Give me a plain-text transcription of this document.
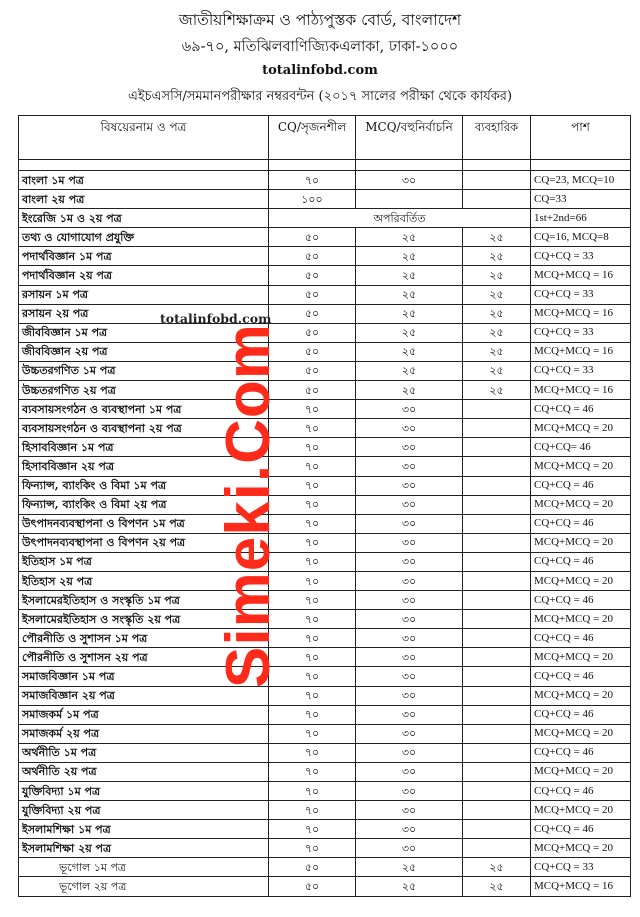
জাতীয়শিক্ষাক্রম ও পাঠ্যপুস্তক বোর্ড, বাংলাদেশ
৬৯-৭০, মতিঝিলবাণিজ্যিকএলাকা, ঢাকা-১০০০
totalinfobd.com
এইচএসসি/সমমানপরীক্ষার নম্বরবন্টন (২০১৭ সালের পরীক্ষা থেকে কার্যকর)
বিষয়েরনাম ও পত্র	CQ/সৃজনশীল	MCQ/বহুনির্বাচনি	ব্যবহারিক	পাশ

বাংলা ১ম পত্র	৭০	৩০		CQ=23, MCQ=10
বাংলা ২য় পত্র	১০০			CQ=33
ইংরেজি ১ম ও ২য় পত্র	অপরিবর্তিত			1st+2nd=66
তথ্য ও যোগাযোগ প্রযুক্তি	৫০	২৫	২৫	CQ=16, MCQ=8
পদার্থবিজ্ঞান ১ম পত্র	৫০	২৫	২৫	CQ+CQ = 33
পদার্থবিজ্ঞান ২য় পত্র	৫০	২৫	২৫	MCQ+MCQ = 16
রসায়ন ১ম পত্র	৫০	২৫	২৫	CQ+CQ = 33
রসায়ন ২য় পত্র	৫০	২৫	২৫	MCQ+MCQ = 16
জীববিজ্ঞান ১ম পত্র	৫০	২৫	২৫	CQ+CQ = 33
জীববিজ্ঞান ২য় পত্র	৫০	২৫	২৫	MCQ+MCQ = 16
উচ্চতরগণিত ১ম পত্র	৫০	২৫	২৫	CQ+CQ = 33
উচ্চতরগণিত ২য় পত্র	৫০	২৫	২৫	MCQ+MCQ = 16
ব্যবসায়সংগঠন ও ব্যবস্থাপনা ১ম পত্র	৭০	৩০		CQ+CQ = 46
ব্যবসায়সংগঠন ও ব্যবস্থাপনা ২য় পত্র	৭০	৩০		MCQ+MCQ = 20
হিসাববিজ্ঞান ১ম পত্র	৭০	৩০		CQ+CQ= 46
হিসাববিজ্ঞান ২য় পত্র	৭০	৩০		MCQ+MCQ = 20
ফিন্যান্স, ব্যাংকিং ও বিমা ১ম পত্র	৭০	৩০		CQ+CQ = 46
ফিন্যান্স, ব্যাংকিং ও বিমা ২য় পত্র	৭০	৩০		MCQ+MCQ = 20
উৎপাদনব্যবস্থাপনা ও বিপণন ১ম পত্র	৭০	৩০		CQ+CQ = 46
উৎপাদনব্যবস্থাপনা ও বিপণন ২য় পত্র	৭০	৩০		MCQ+MCQ = 20
ইতিহাস ১ম পত্র	৭০	৩০		CQ+CQ = 46
ইতিহাস ২য় পত্র	৭০	৩০		MCQ+MCQ = 20
ইসলামেরইতিহাস ও সংস্কৃতি ১ম পত্র	৭০	৩০		CQ+CQ = 46
ইসলামেরইতিহাস ও সংস্কৃতি ২য় পত্র	৭০	৩০		MCQ+MCQ = 20
পৌরনীতি ও সুশাসন ১ম পত্র	৭০	৩০		CQ+CQ = 46
পৌরনীতি ও সুশাসন ২য় পত্র	৭০	৩০		MCQ+MCQ = 20
সমাজবিজ্ঞান ১ম পত্র	৭০	৩০		CQ+CQ = 46
সমাজবিজ্ঞান ২য় পত্র	৭০	৩০		MCQ+MCQ = 20
সমাজকর্ম ১ম পত্র	৭০	৩০		CQ+CQ = 46
সমাজকর্ম ২য় পত্র	৭০	৩০		MCQ+MCQ = 20
অর্থনীতি ১ম পত্র	৭০	৩০		CQ+CQ = 46
অর্থনীতি ২য় পত্র	৭০	৩০		MCQ+MCQ = 20
যুক্তিবিদ্যা ১ম পত্র	৭০	৩০		CQ+CQ = 46
যুক্তিবিদ্যা ২য় পত্র	৭০	৩০		MCQ+MCQ = 20
ইসলামশিক্ষা ১ম পত্র	৭০	৩০		CQ+CQ = 46
ইসলামশিক্ষা ২য় পত্র	৭০	৩০		MCQ+MCQ = 20
ভূগোল ১ম পত্র	৫০	২৫	২৫	CQ+CQ = 33
ভূগোল ২য় পত্র	৫০	২৫	২৫	MCQ+MCQ = 16
totalinfobd.com
Simeki.Com
